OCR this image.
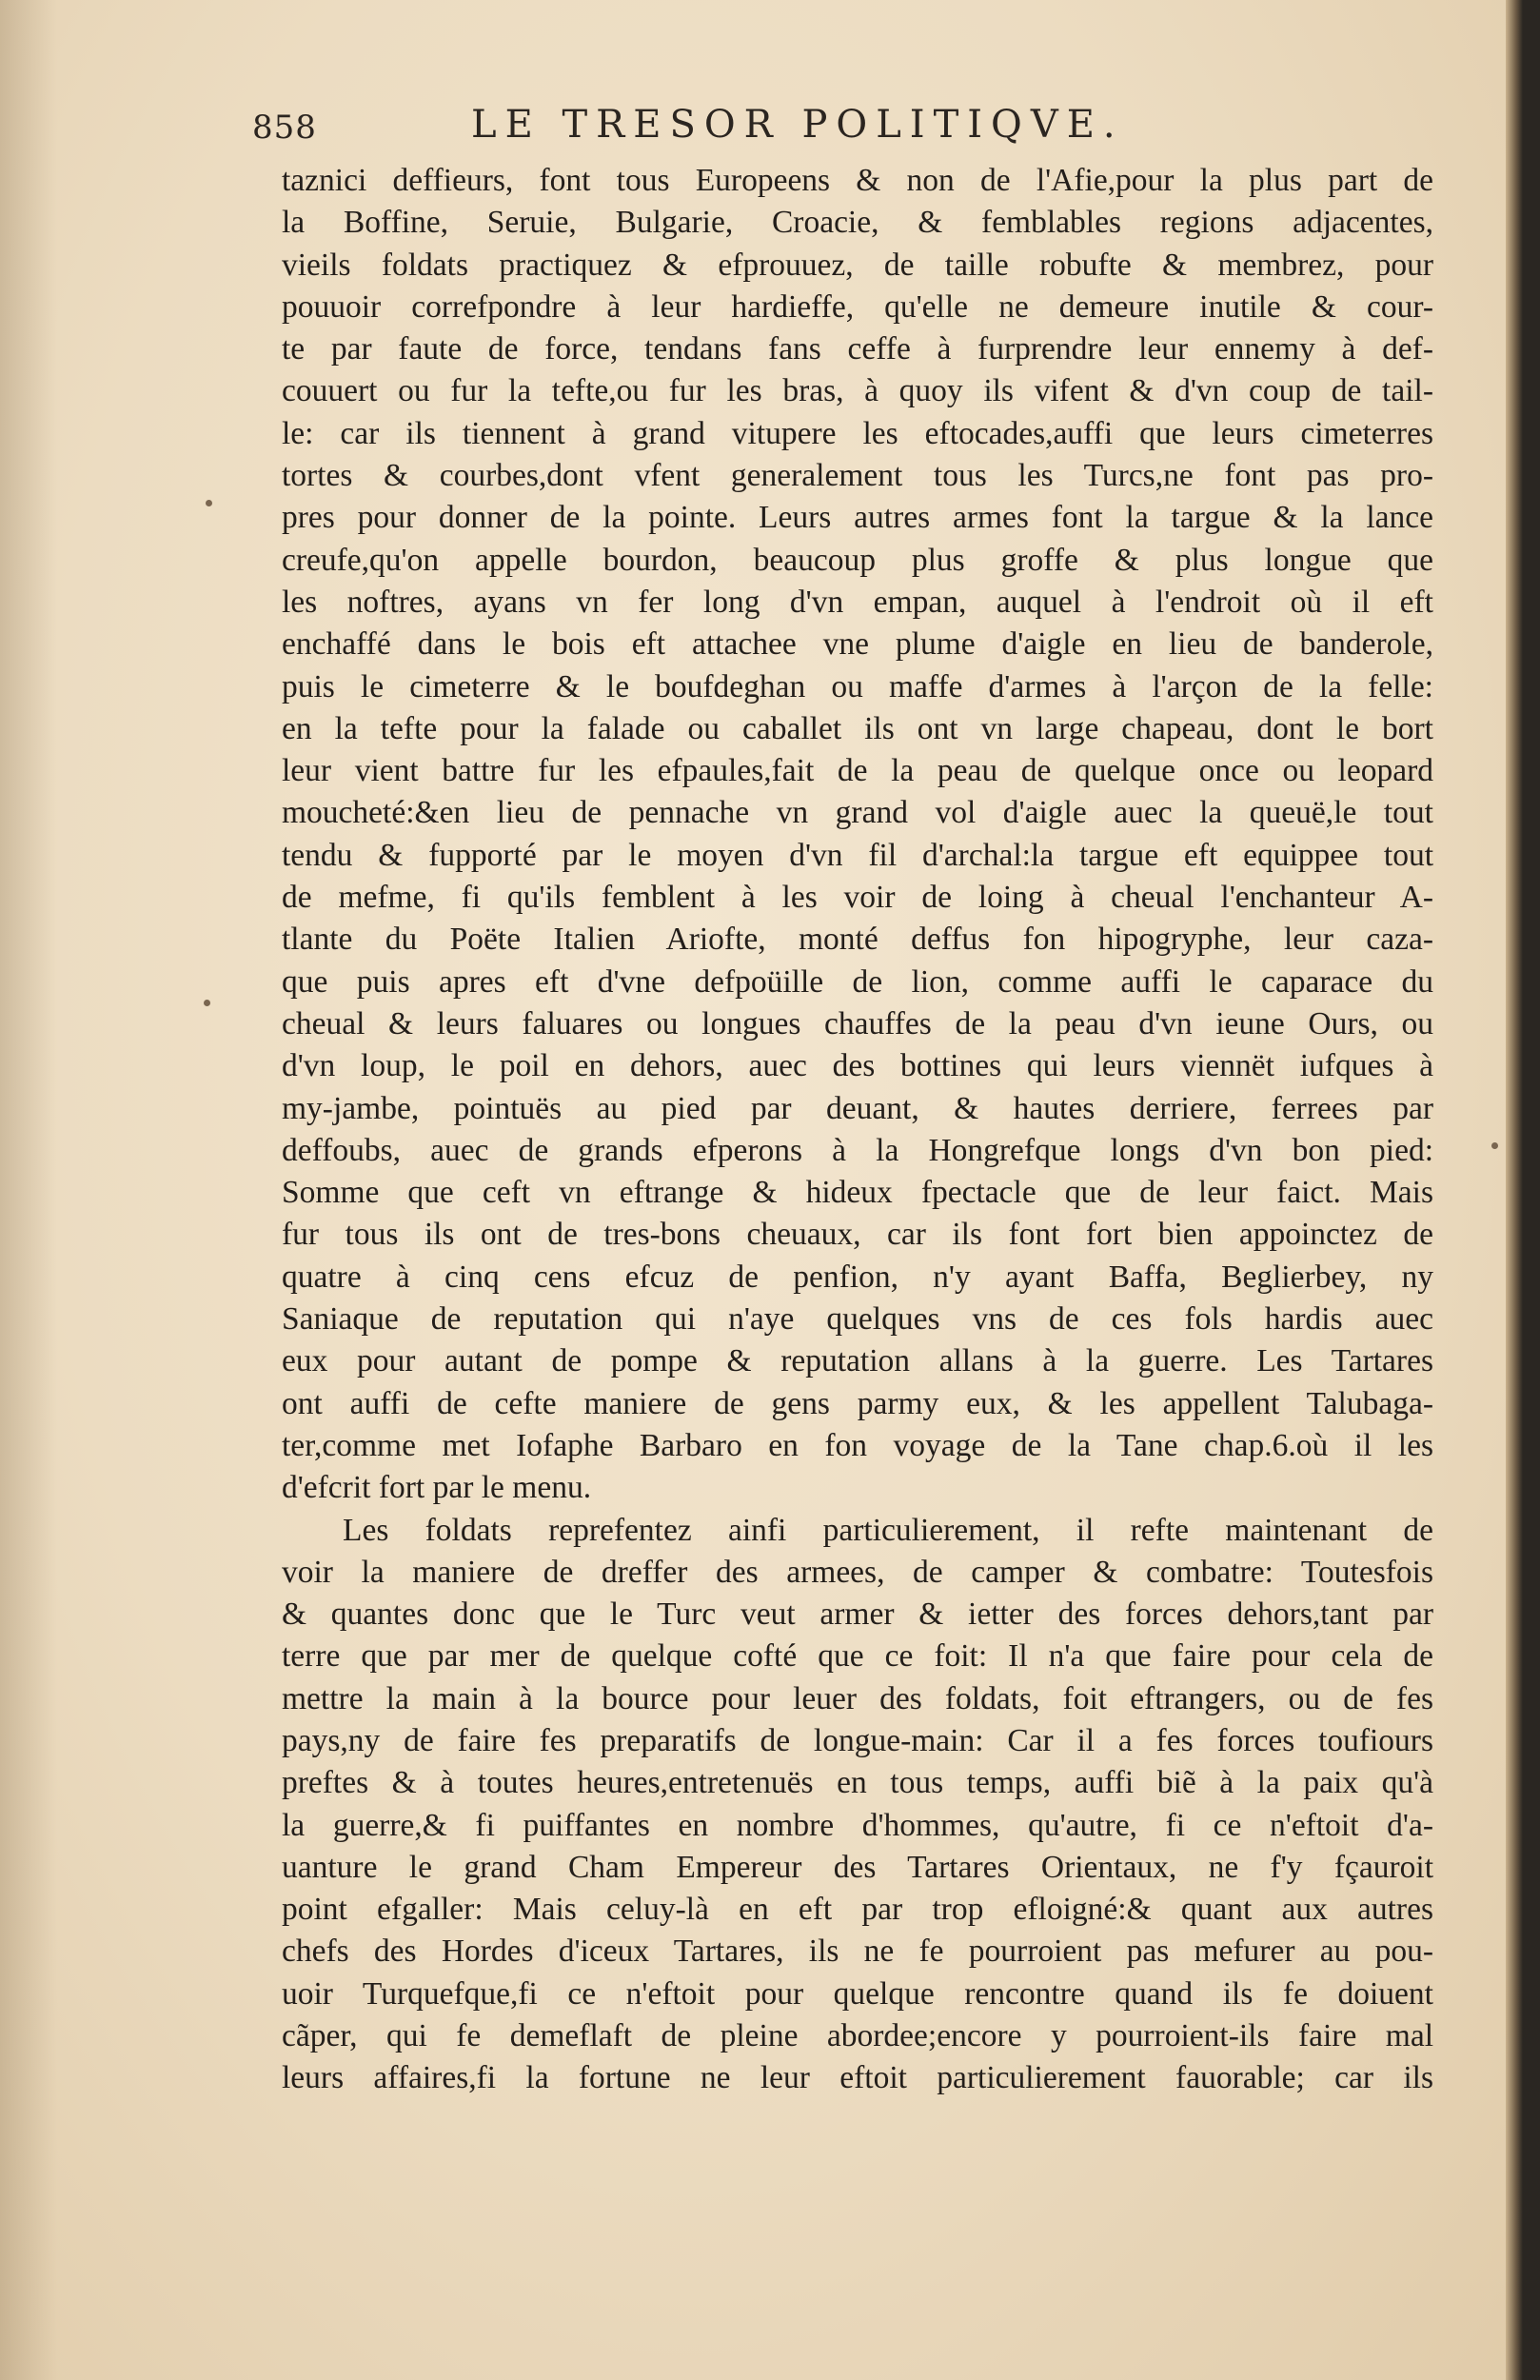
858	LE TRESOR POLITIQVE.
taznici deffieurs, font tous Europeens & non de l'Afie,pour la plus part de
la Boffine, Seruie, Bulgarie, Croacie, & femblables regions adjacentes,
vieils foldats practiquez & efprouuez, de taille robufte & membrez, pour
pouuoir correfpondre à leur hardieffe, qu'elle ne demeure inutile & cour-
te par faute de force, tendans fans ceffe à furprendre leur ennemy à def-
couuert ou fur la tefte,ou fur les bras, à quoy ils vifent & d'vn coup de tail-
le: car ils tiennent à grand vitupere les eftocades,auffi que leurs cimeterres
tortes & courbes,dont vfent generalement tous les Turcs,ne font pas pro-
pres pour donner de la pointe. Leurs autres armes font la targue & la lance
creufe,qu'on appelle bourdon, beaucoup plus groffe & plus longue que
les noftres, ayans vn fer long d'vn empan, auquel à l'endroit où il eft
enchaffé dans le bois eft attachee vne plume d'aigle en lieu de banderole,
puis le cimeterre & le boufdeghan ou maffe d'armes à l'arçon de la felle:
en la tefte pour la falade ou caballet ils ont vn large chapeau, dont le bort
leur vient battre fur les efpaules,fait de la peau de quelque once ou leopard
moucheté:&en lieu de pennache vn grand vol d'aigle auec la queuë,le tout
tendu & fupporté par le moyen d'vn fil d'archal:la targue eft equippee tout
de mefme, fi qu'ils femblent à les voir de loing à cheual l'enchanteur A-
tlante du Poëte Italien Ariofte, monté deffus fon hipogryphe, leur caza-
que puis apres eft d'vne defpoüille de lion, comme auffi le caparace du
cheual & leurs faluares ou longues chauffes de la peau d'vn ieune Ours, ou
d'vn loup, le poil en dehors, auec des bottines qui leurs viennët iufques à
my-jambe, pointuës au pied par deuant, & hautes derriere, ferrees par
deffoubs, auec de grands efperons à la Hongrefque longs d'vn bon pied:
Somme que ceft vn eftrange & hideux fpectacle que de leur faict. Mais
fur tous ils ont de tres-bons cheuaux, car ils font fort bien appoinctez de
quatre à cinq cens efcuz de penfion, n'y ayant Baffa, Beglierbey, ny
Saniaque de reputation qui n'aye quelques vns de ces fols hardis auec
eux pour autant de pompe & reputation allans à la guerre. Les Tartares
ont auffi de cefte maniere de gens parmy eux, & les appellent Talubaga-
ter,comme met Iofaphe Barbaro en fon voyage de la Tane chap.6.où il les
d'efcrit fort par le menu.
Les foldats reprefentez ainfi particulierement, il refte maintenant de
voir la maniere de dreffer des armees, de camper & combatre: Toutesfois
& quantes donc que le Turc veut armer & ietter des forces dehors,tant par
terre que par mer de quelque cofté que ce foit: Il n'a que faire pour cela de
mettre la main à la bource pour leuer des foldats, foit eftrangers, ou de fes
pays,ny de faire fes preparatifs de longue-main: Car il a fes forces toufiours
preftes & à toutes heures,entretenuës en tous temps, auffi biẽ à la paix qu'à
la guerre,& fi puiffantes en nombre d'hommes, qu'autre, fi ce n'eftoit d'a-
uanture le grand Cham Empereur des Tartares Orientaux, ne f'y fçauroit
point efgaller: Mais celuy-là en eft par trop efloigné:& quant aux autres
chefs des Hordes d'iceux Tartares, ils ne fe pourroient pas mefurer au pou-
uoir Turquefque,fi ce n'eftoit pour quelque rencontre quand ils fe doiuent
cãper, qui fe demeflaft de pleine abordee;encore y pourroient-ils faire mal
leurs affaires,fi la fortune ne leur eftoit particulierement fauorable; car ils
